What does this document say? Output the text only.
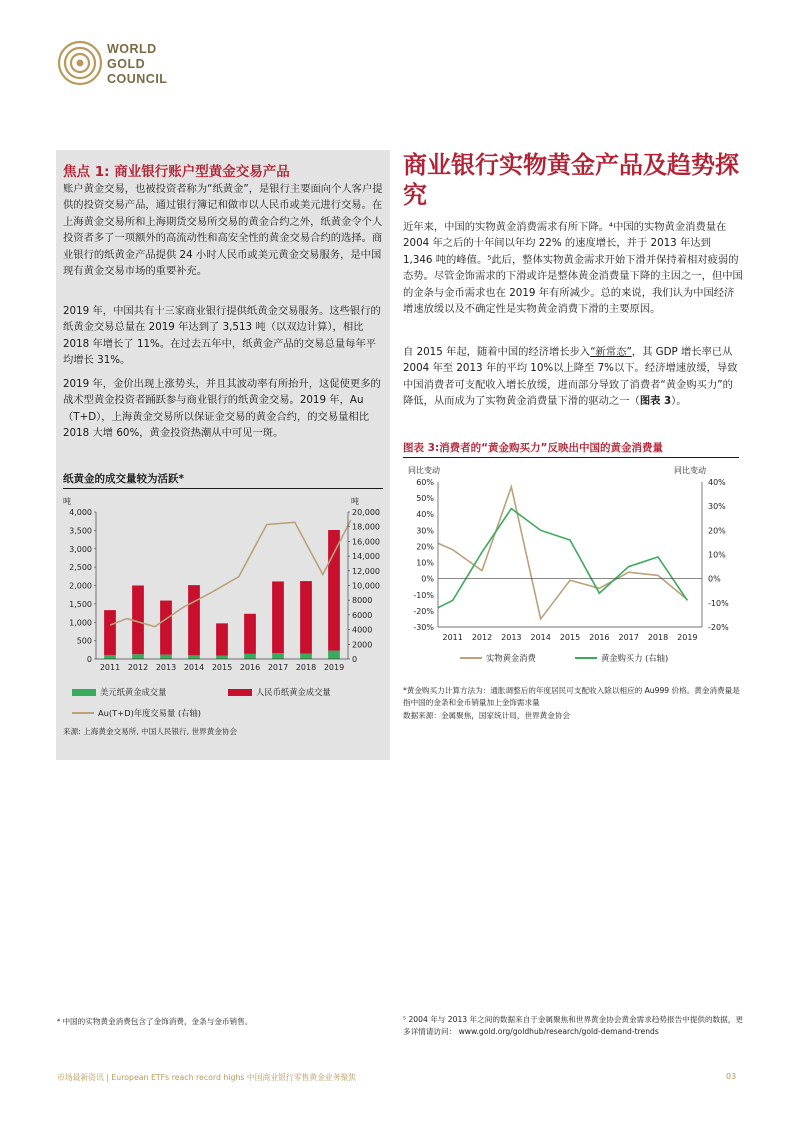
WORLD
GOLD
COUNCIL
焦点 1: 商业银行账户型黄金交易产品

账户黄金交易，也被投资者称为“纸黄金”，是银行主要面向个人客户提供的投资交易产品，通过银行簿记和做市以人民币或美元进行交易。在上海黄金交易所和上海期货交易所交易的黄金合约之外，纸黄金令个人投资者多了一项额外的高流动性和高安全性的黄金交易合约的选择。商业银行的纸黄金产品提供 24 小时人民币或美元黄金交易服务，是中国现有黄金交易市场的重要补充。

2019 年，中国共有十三家商业银行提供纸黄金交易服务。这些银行的纸黄金交易总量在 2019 年达到了 3,513 吨（以双边计算），相比 2018 年增长了 11%。在过去五年中，纸黄金产品的交易总量每年平均增长 31%。

2019 年，金价出现上涨势头，并且其波动率有所抬升，这促使更多的战术型黄金投资者踊跃参与商业银行的纸黄金交易。2019 年，Au（T+D），上海黄金交易所以保证金交易的黄金合约，的交易量相比 2018 大增 60%，黄金投资热潮从中可见一斑。

纸黄金的成交量较为活跃*
吨	吨
0
500
1,000
1,500
2,000
2,500
3,000
3,500
4,000
0
2000
4000
6000
8000
10,000
12,000
14,000
16,000
18,000
20,000
2011 2012 2013 2014 2015 2016 2017 2018 2019
美元纸黄金成交量	人民币纸黄金成交量
Au(T+D)年度交易量 (右轴)
来源: 上海黄金交易所, 中国人民银行, 世界黄金协会
商业银行实物黄金产品及趋势探究

近年来，中国的实物黄金消费需求有所下降。⁴中国的实物黄金消费量在 2004 年之后的十年间以年均 22% 的速度增长，并于 2013 年达到 1,346 吨的峰值。⁵此后，整体实物黄金需求开始下滑并保持着相对疲弱的态势。尽管金饰需求的下滑或许是整体黄金消费量下降的主因之一，但中国的金条与金币需求也在 2019 年有所减少。总的来说，我们认为中国经济增速放缓以及不确定性是实物黄金消费下滑的主要原因。

自 2015 年起，随着中国的经济增长步入“新常态”，其 GDP 增长率已从 2004 年至 2013 年的平均 10%以上降至 7%以下。经济增速放缓，导致中国消费者可支配收入增长放缓，进而部分导致了消费者“黄金购买力”的降低，从而成为了实物黄金消费量下滑的驱动之一（图表 3）。

图表 3:消费者的“黄金购买力”反映出中国的黄金消费量
同比变动	同比变动
-30%
-20%
-10%
0%
10%
20%
30%
40%
50%
60%
-20%
-10%
0%
10%
20%
30%
40%
2011 2012 2013 2014 2015 2016 2017 2018 2019
实物黄金消费	黄金购买力 (右轴)
*黄金购买力计算方法为：通胀调整后的年度居民可支配收入除以相应的 Au999 价格。黄金消费量是指中国的金条和金币销量加上金饰需求量
数据来源：金属聚焦，国家统计局，世界黄金协会
⁴ 中国的实物黄金消费包含了金饰消费，金条与金币销售。	⁵ 2004 年与 2013 年之间的数据来自于金属聚焦和世界黄金协会黄金需求趋势报告中提供的数据，更多详情请访问： www.gold.org/goldhub/research/gold-demand-trends
市场最新资讯 | European ETFs reach record highs 中国商业银行零售黄金业务聚焦	03
